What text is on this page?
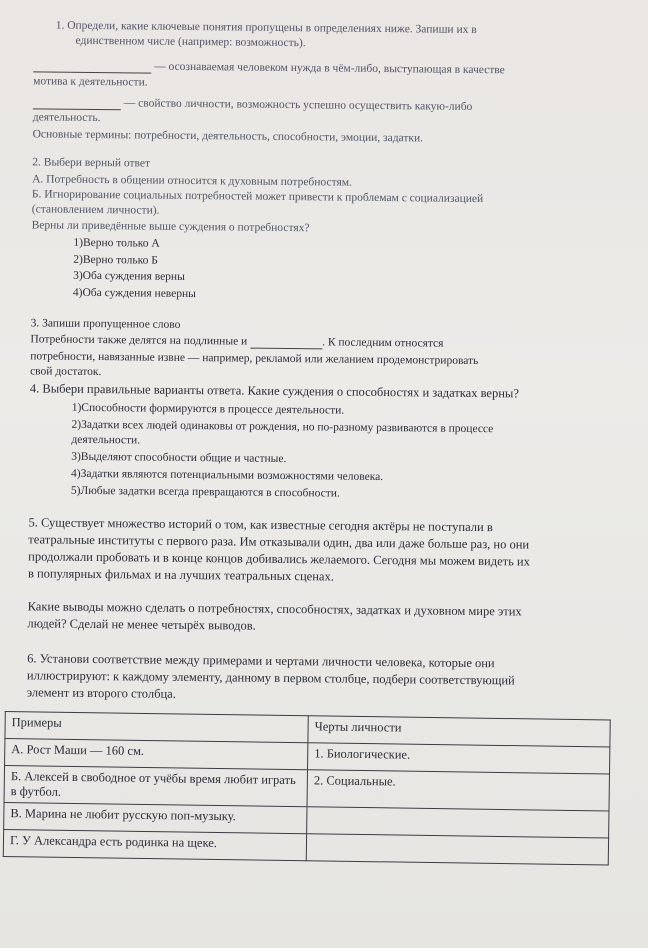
1. Определи, какие ключевые понятия пропущены в определениях ниже. Запиши их в
единственном числе (например: возможность).
— осознаваемая человеком нужда в чём-либо, выступающая в качестве
мотива к деятельности.
— свойство личности, возможность успешно осуществить какую-либо
деятельность.
Основные термины: потребности, деятельность, способности, эмоции, задатки.
2. Выбери верный ответ
А. Потребность в общении относится к духовным потребностям.
Б. Игнорирование социальных потребностей может привести к проблемам с социализацией
(становлением личности).
Верны ли приведённые выше суждения о потребностях?
1)Верно только А
2)Верно только Б
3)Оба суждения верны
4)Оба суждения неверны
3. Запиши пропущенное слово
Потребности также делятся на подлинные и	. К последним относятся
потребности, навязанные извне — например, рекламой или желанием продемонстрировать
свой достаток.
4. Выбери правильные варианты ответа. Какие суждения о способностях и задатках верны?
1)Способности формируются в процессе деятельности.
2)Задатки всех людей одинаковы от рождения, но по-разному развиваются в процессе
деятельности.
3)Выделяют способности общие и частные.
4)Задатки являются потенциальными возможностями человека.
5)Любые задатки всегда превращаются в способности.
5. Существует множество историй о том, как известные сегодня актёры не поступали в
театральные институты с первого раза. Им отказывали один, два или даже больше раз, но они
продолжали пробовать и в конце концов добивались желаемого. Сегодня мы можем видеть их
в популярных фильмах и на лучших театральных сценах.
Какие выводы можно сделать о потребностях, способностях, задатках и духовном мире этих
людей? Сделай не менее четырёх выводов.
6. Установи соответствие между примерами и чертами личности человека, которые они
иллюстрируют: к каждому элементу, данному в первом столбце, подбери соответствующий
элемент из второго столбца.
Примеры	Черты личности
А. Рост Маши — 160 см.	1. Биологические.
Б. Алексей в свободное от учёбы время любит играть в футбол.	2. Социальные.
В. Марина не любит русскую поп-музыку.	
Г. У Александра есть родинка на щеке.	
